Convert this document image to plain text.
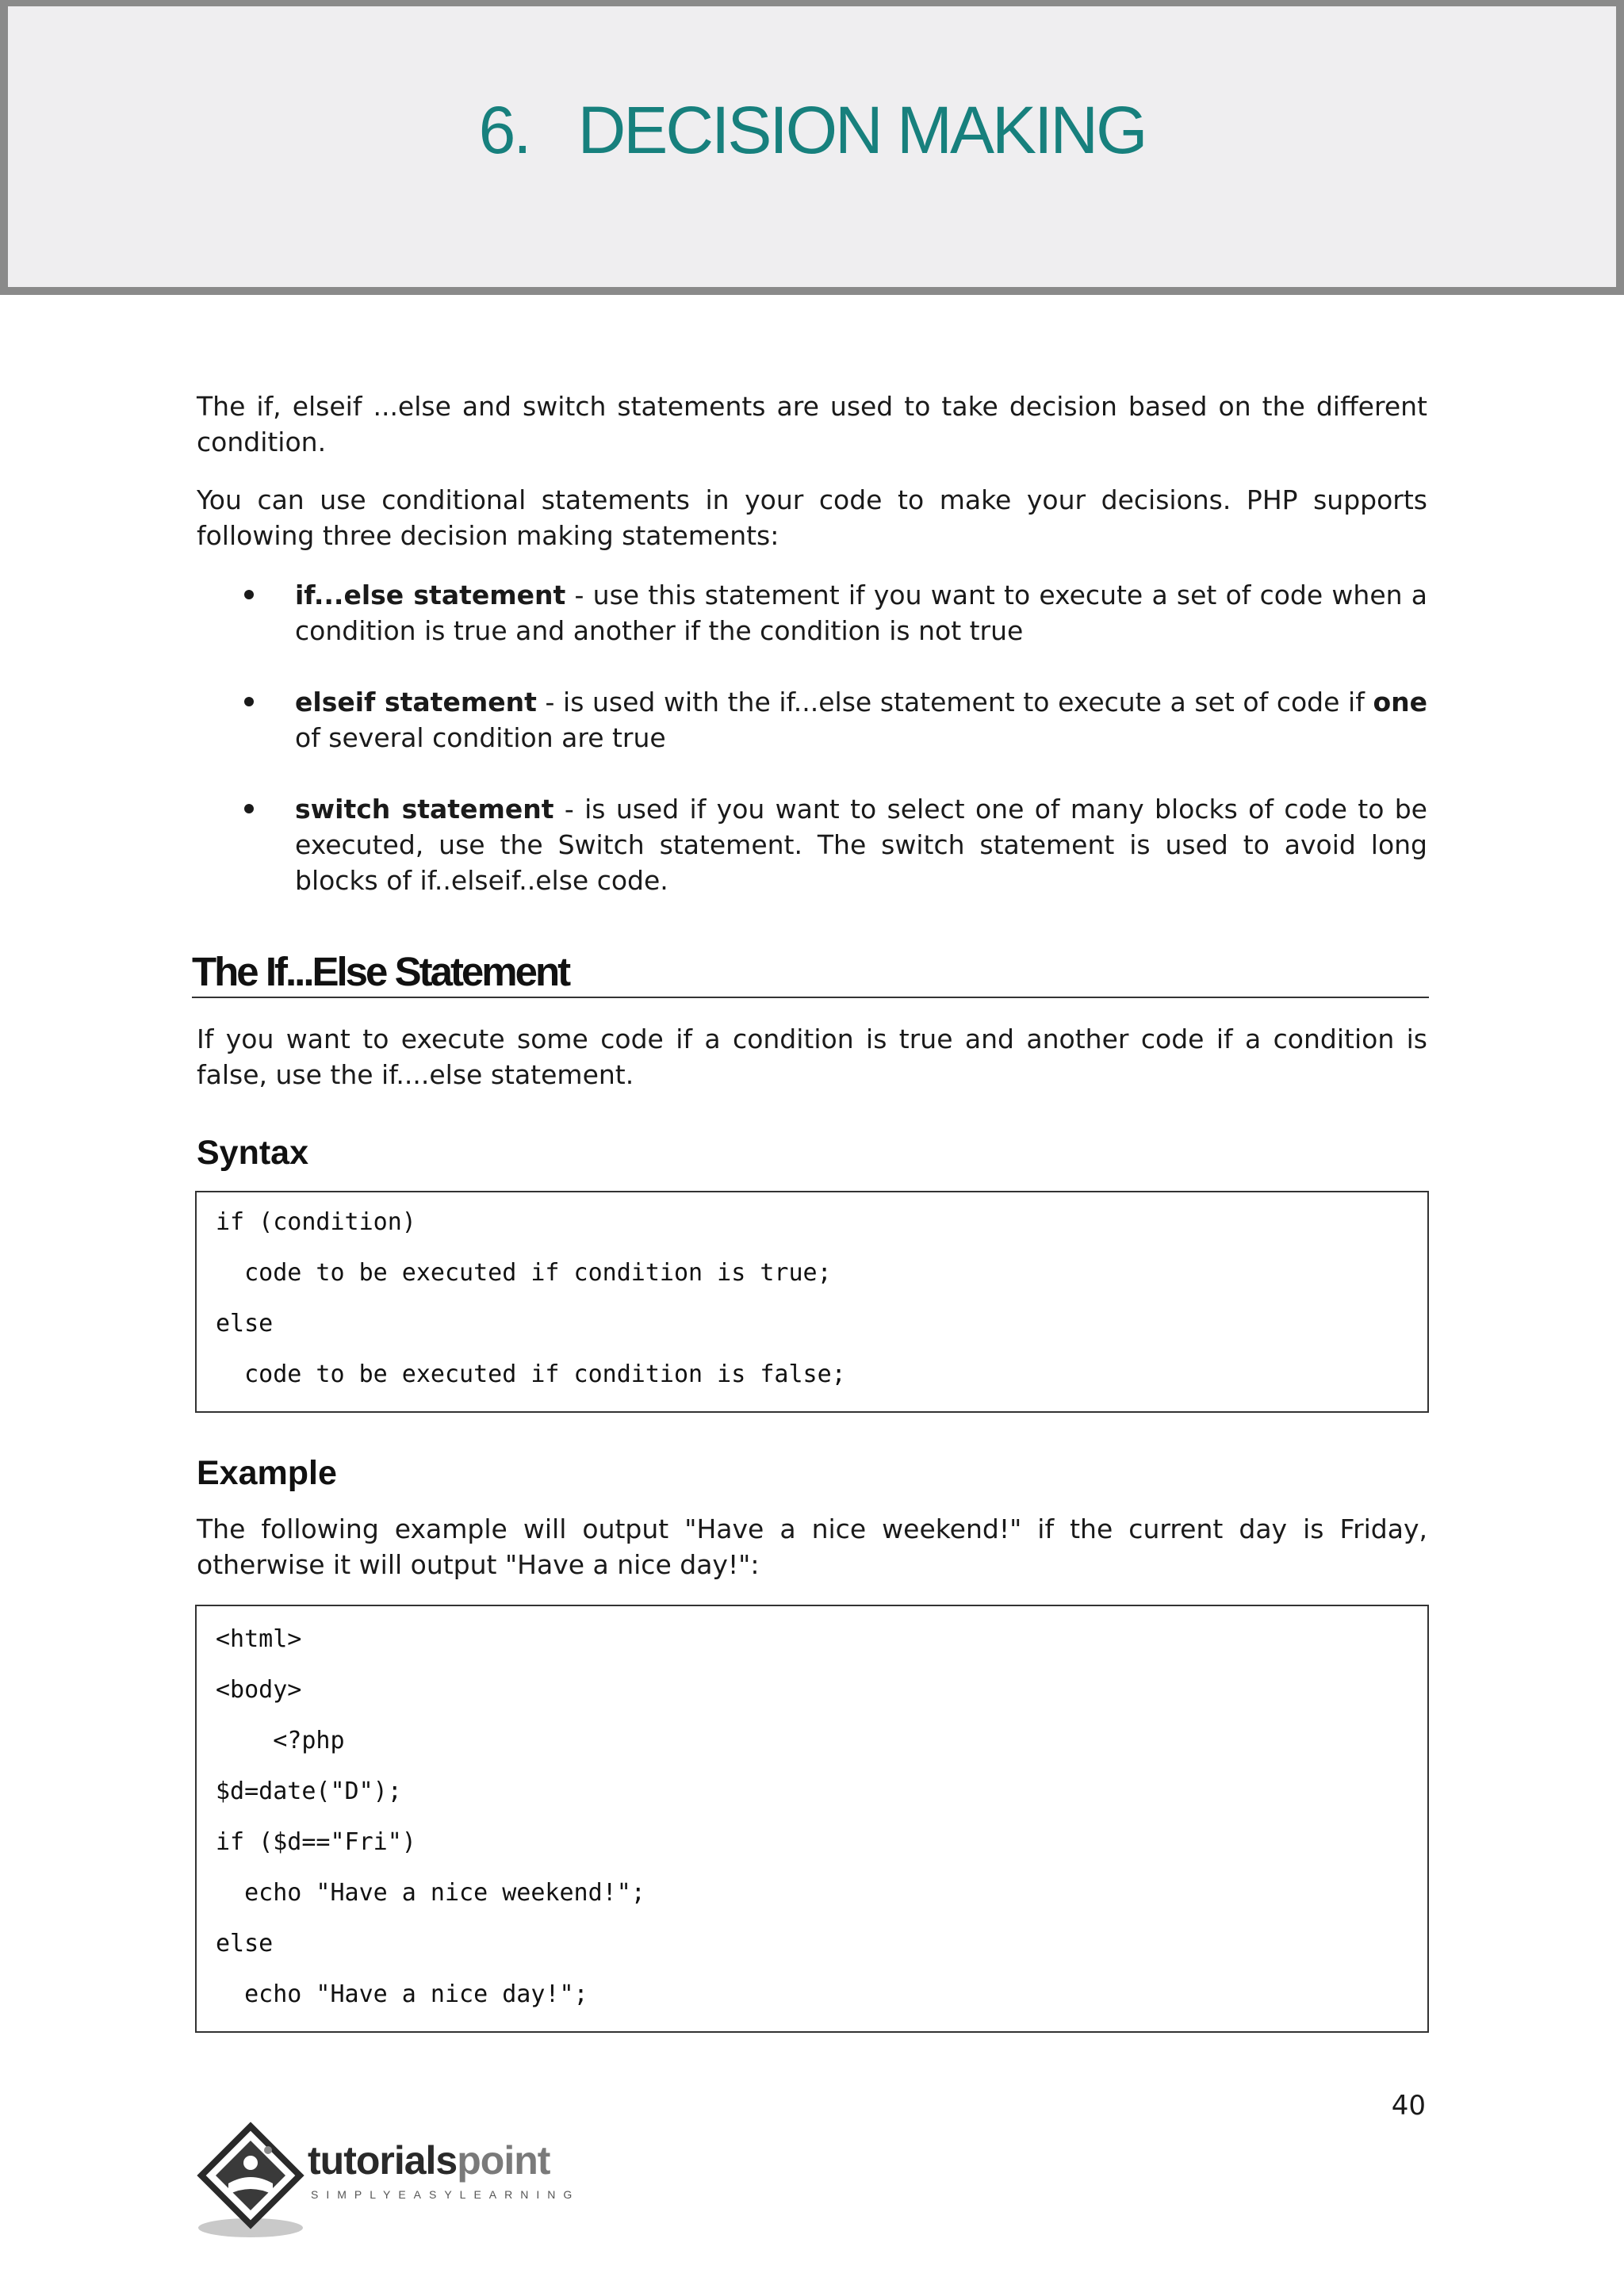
6.   DECISION MAKING

The if, elseif ...else and switch statements are used to take decision based on the different condition.

You can use conditional statements in your code to make your decisions. PHP supports following three decision making statements:

if...else statement - use this statement if you want to execute a set of code when a condition is true and another if the condition is not true

elseif statement - is used with the if...else statement to execute a set of code if one of several condition are true

switch statement - is used if you want to select one of many blocks of code to be executed, use the Switch statement. The switch statement is used to avoid long blocks of if..elseif..else code.

The If...Else Statement

If you want to execute some code if a condition is true and another code if a condition is false, use the if....else statement.

Syntax
if (condition)
code to be executed if condition is true;
else
code to be executed if condition is false;
Example

The following example will output "Have a nice weekend!" if the current day is Friday, otherwise it will output "Have a nice day!":

<html>
<body>
<?php
$d=date("D");
if ($d=="Fri")
echo "Have a nice weekend!";
else
echo "Have a nice day!";
40
tutorialspoint
SIMPLYEASYLEARNING
